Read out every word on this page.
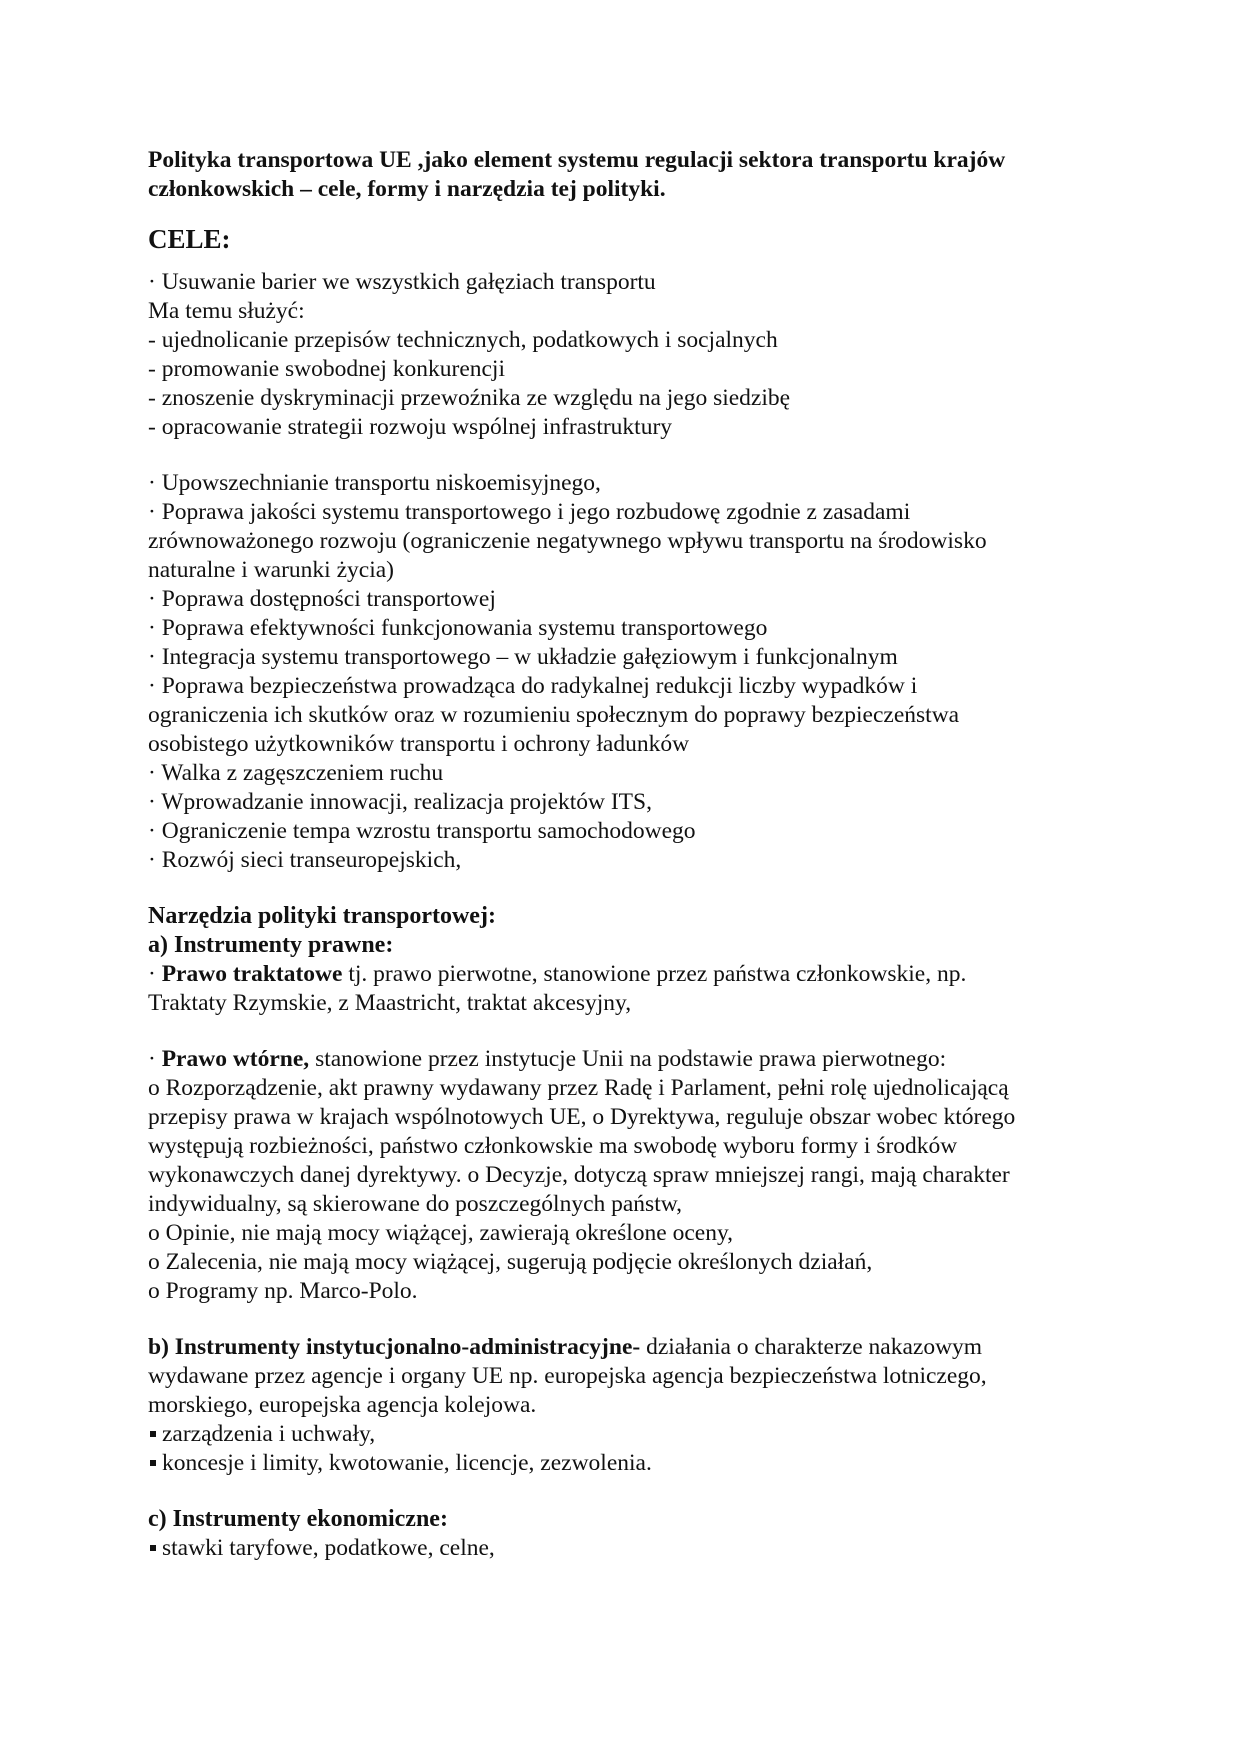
Polityka transportowa UE ,jako element systemu regulacji sektora transportu krajów
członkowskich – cele, formy i narzędzia tej polityki.
CELE:
· Usuwanie barier we wszystkich gałęziach transportu
Ma temu służyć:
- ujednolicanie przepisów technicznych, podatkowych i socjalnych
- promowanie swobodnej konkurencji
- znoszenie dyskryminacji przewoźnika ze względu na jego siedzibę
- opracowanie strategii rozwoju wspólnej infrastruktury
· Upowszechnianie transportu niskoemisyjnego,
· Poprawa jakości systemu transportowego i jego rozbudowę zgodnie z zasadami
zrównoważonego rozwoju (ograniczenie negatywnego wpływu transportu na środowisko
naturalne i warunki życia)
· Poprawa dostępności transportowej
· Poprawa efektywności funkcjonowania systemu transportowego
· Integracja systemu transportowego – w układzie gałęziowym i funkcjonalnym
· Poprawa bezpieczeństwa prowadząca do radykalnej redukcji liczby wypadków i
ograniczenia ich skutków oraz w rozumieniu społecznym do poprawy bezpieczeństwa
osobistego użytkowników transportu i ochrony ładunków
· Walka z zagęszczeniem ruchu
· Wprowadzanie innowacji, realizacja projektów ITS,
· Ograniczenie tempa wzrostu transportu samochodowego
· Rozwój sieci transeuropejskich,
Narzędzia polityki transportowej:
a) Instrumenty prawne:
· Prawo traktatowe tj. prawo pierwotne, stanowione przez państwa członkowskie, np.
Traktaty Rzymskie, z Maastricht, traktat akcesyjny,
· Prawo wtórne, stanowione przez instytucje Unii na podstawie prawa pierwotnego:
o Rozporządzenie, akt prawny wydawany przez Radę i Parlament, pełni rolę ujednolicającą
przepisy prawa w krajach wspólnotowych UE, o Dyrektywa, reguluje obszar wobec którego
występują rozbieżności, państwo członkowskie ma swobodę wyboru formy i środków
wykonawczych danej dyrektywy. o Decyzje, dotyczą spraw mniejszej rangi, mają charakter
indywidualny, są skierowane do poszczególnych państw,
o Opinie, nie mają mocy wiążącej, zawierają określone oceny,
o Zalecenia, nie mają mocy wiążącej, sugerują podjęcie określonych działań,
o Programy np. Marco-Polo.
b) Instrumenty instytucjonalno-administracyjne- działania o charakterze nakazowym
wydawane przez agencje i organy UE np. europejska agencja bezpieczeństwa lotniczego,
morskiego, europejska agencja kolejowa.
zarządzenia i uchwały,
koncesje i limity, kwotowanie, licencje, zezwolenia.
c) Instrumenty ekonomiczne:
stawki taryfowe, podatkowe, celne,
